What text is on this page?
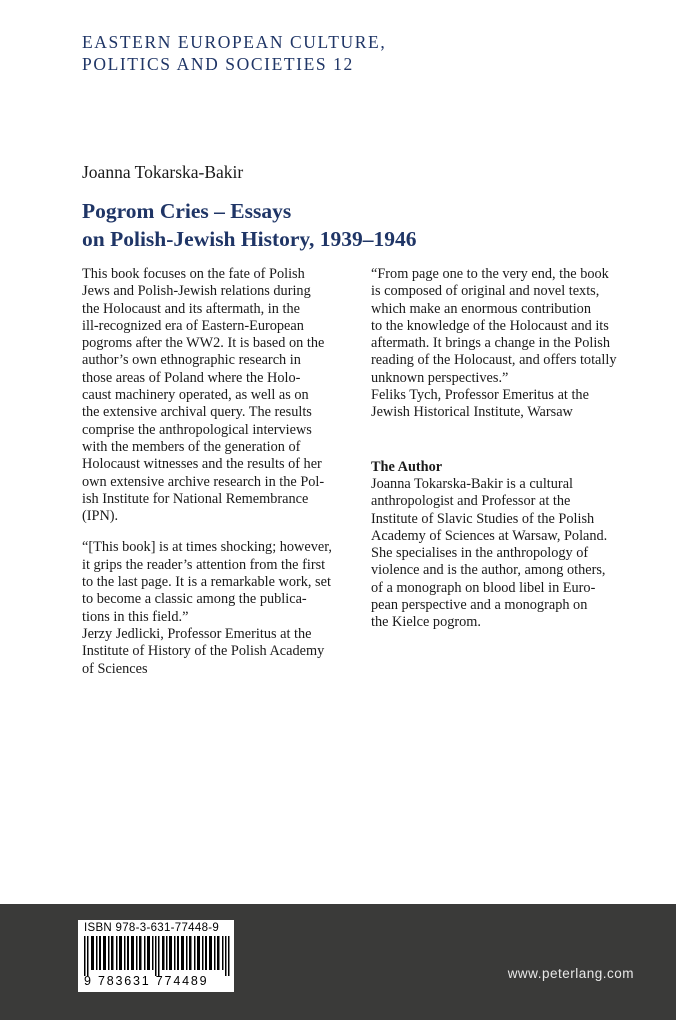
EASTERN EUROPEAN CULTURE,
POLITICS AND SOCIETIES 12
Joanna Tokarska-Bakir
Pogrom Cries – Essays
on Polish-Jewish History, 1939–1946
This book focuses on the fate of Polish
Jews and Polish-Jewish relations during
the Holocaust and its aftermath, in the
ill-recognized era of Eastern-European
pogroms after the WW2. It is based on the
author’s own ethnographic research in
those areas of Poland where the Holo-
caust machinery operated, as well as on
the extensive archival query. The results
comprise the anthropological interviews
with the members of the generation of
Holocaust witnesses and the results of her
own extensive archive research in the Pol-
ish Institute for National Remembrance
(IPN).
“[This book] is at times shocking; however,
it grips the reader’s attention from the first
to the last page. It is a remarkable work, set
to become a classic among the publica-
tions in this field.”
Jerzy Jedlicki, Professor Emeritus at the
Institute of History of the Polish Academy
of Sciences
“From page one to the very end, the book
is composed of original and novel texts,
which make an enormous contribution
to the knowledge of the Holocaust and its
aftermath. It brings a change in the Polish
reading of the Holocaust, and offers totally
unknown perspectives.”
Feliks Tych, Professor Emeritus at the
Jewish Historical Institute, Warsaw
The Author
Joanna Tokarska-Bakir is a cultural
anthropologist and Professor at the
Institute of Slavic Studies of the Polish
Academy of Sciences at Warsaw, Poland.
She specialises in the anthropology of
violence and is the author, among others,
of a monograph on blood libel in Euro-
pean perspective and a monograph on
the Kielce pogrom.
ISBN 978-3-631-77448-9
9 783631 774489	www.peterlang.com
